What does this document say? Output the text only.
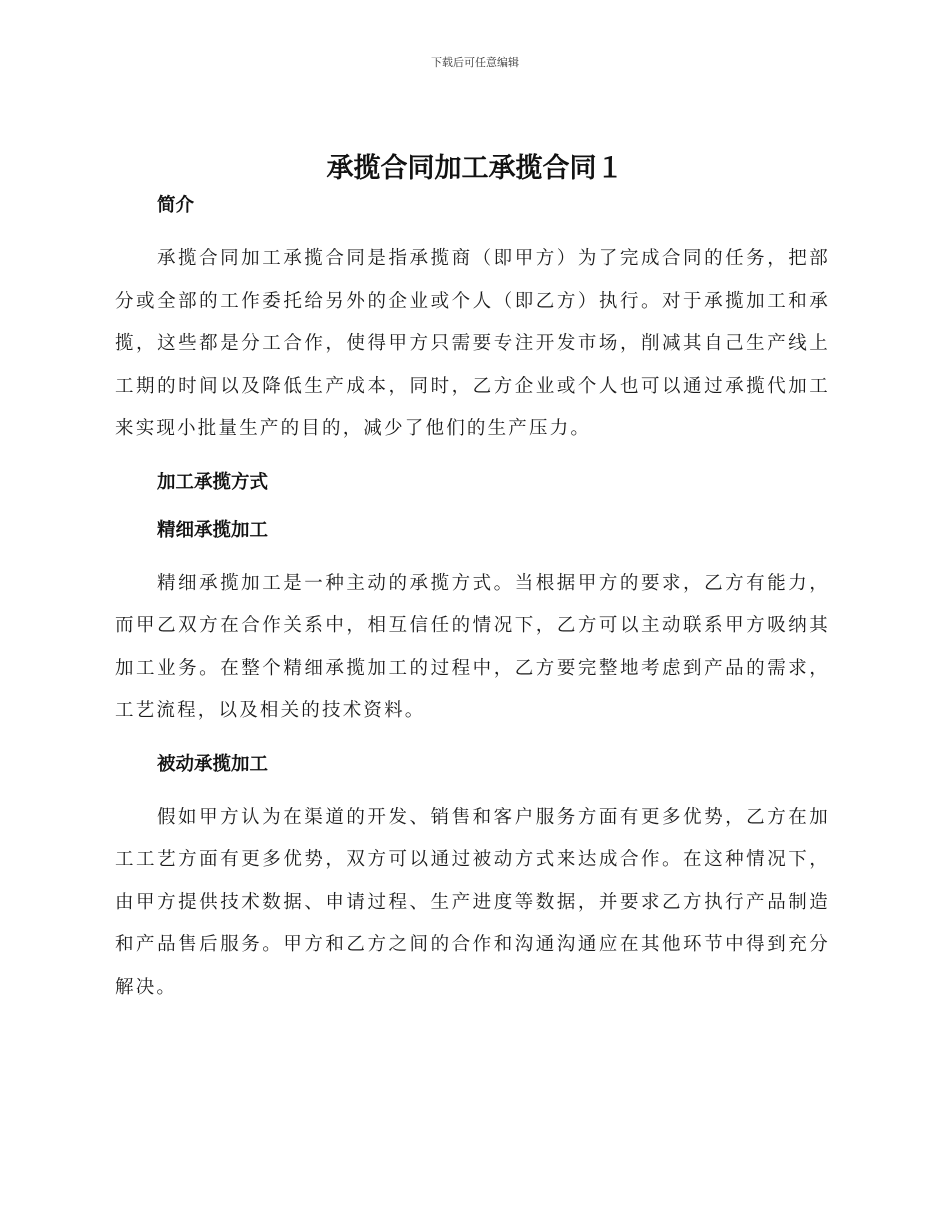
下载后可任意编辑
承揽合同加工承揽合同１
简介

承揽合同加工承揽合同是指承揽商（即甲方）为了完成合同的任务，把部分或全部的工作委托给另外的企业或个人（即乙方）执行。对于承揽加工和承揽，这些都是分工合作，使得甲方只需要专注开发市场，削减其自己生产线上工期的时间以及降低生产成本，同时，乙方企业或个人也可以通过承揽代加工来实现小批量生产的目的，减少了他们的生产压力。

加工承揽方式
精细承揽加工

精细承揽加工是一种主动的承揽方式。当根据甲方的要求，乙方有能力，而甲乙双方在合作关系中，相互信任的情况下，乙方可以主动联系甲方吸纳其加工业务。在整个精细承揽加工的过程中，乙方要完整地考虑到产品的需求，工艺流程，以及相关的技术资料。

被动承揽加工

假如甲方认为在渠道的开发、销售和客户服务方面有更多优势，乙方在加工工艺方面有更多优势，双方可以通过被动方式来达成合作。在这种情况下，由甲方提供技术数据、申请过程、生产进度等数据，并要求乙方执行产品制造和产品售后服务。甲方和乙方之间的合作和沟通沟通应在其他环节中得到充分解决。
